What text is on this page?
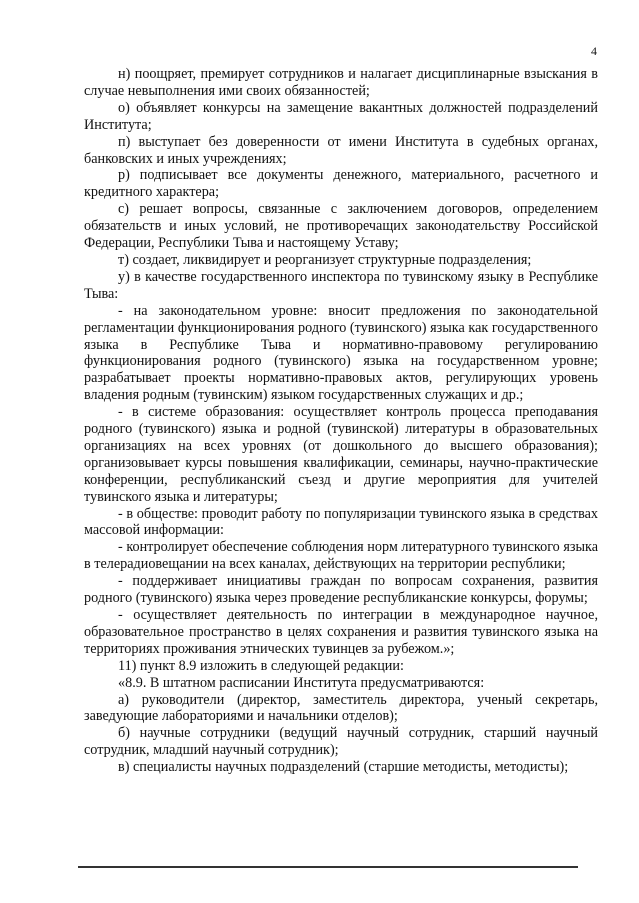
4

н) поощряет, премирует сотрудников и налагает дисциплинарные взыскания в случае невыполнения ими своих обязанностей;

о) объявляет конкурсы на замещение вакантных должностей подразделений Института;

п) выступает без доверенности от имени Института в судебных органах, банковских и иных учреждениях;

р) подписывает все документы денежного, материального, расчетного и кредитного характера;

с) решает вопросы, связанные с заключением договоров, определением обязательств и иных условий, не противоречащих законодательству Российской Федерации, Республики Тыва и настоящему Уставу;

т) создает, ликвидирует и реорганизует структурные подразделения;

у) в качестве государственного инспектора по тувинскому языку в Республике Тыва:

- на законодательном уровне: вносит предложения по законодательной регламентации функционирования родного (тувинского) языка как государственного языка в Республике Тыва и нормативно-правовому регулированию функционирования родного (тувинского) языка на государственном уровне; разрабатывает проекты нормативно-правовых актов, регулирующих уровень владения родным (тувинским) языком государственных служащих и др.;

- в системе образования: осуществляет контроль процесса преподавания родного (тувинского) языка и родной (тувинской) литературы в образовательных организациях на всех уровнях (от дошкольного до высшего образования); организовывает курсы повышения квалификации, семинары, научно-практические конференции, республиканский съезд и другие мероприятия для учителей тувинского языка и литературы;

- в обществе: проводит работу по популяризации тувинского языка в средствах массовой информации:

- контролирует обеспечение соблюдения норм литературного тувинского языка в телерадиовещании на всех каналах, действующих на территории республики;

- поддерживает инициативы граждан по вопросам сохранения, развития родного (тувинского) языка через проведение республиканские конкурсы, форумы;

- осуществляет деятельность по интеграции в международное научное, образовательное пространство в целях сохранения и развития тувинского языка на территориях проживания этнических тувинцев за рубежом.»;

11) пункт 8.9 изложить в следующей редакции:

«8.9. В штатном расписании Института предусматриваются:

а) руководители (директор, заместитель директора, ученый секретарь, заведующие лабораториями и начальники отделов);

б) научные сотрудники (ведущий научный сотрудник, старший научный сотрудник, младший научный сотрудник);

в) специалисты научных подразделений (старшие методисты, методисты);
